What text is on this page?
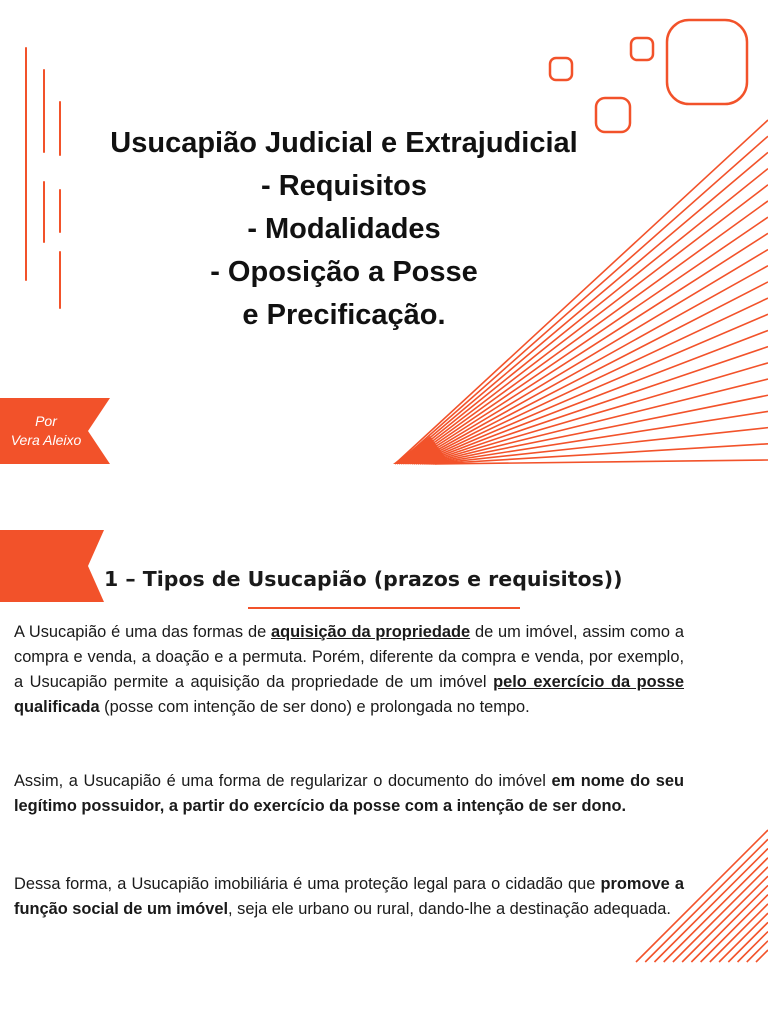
Usucapião Judicial e Extrajudicial
- Requisitos
- Modalidades
- Oposição a Posse
e Precificação.
Por
Vera Aleixo
1 – Tipos de Usucapião (prazos e requisitos))

A Usucapião é uma das formas de aquisição da propriedade de um imóvel, assim como a compra e venda, a doação e a permuta. Porém, diferente da compra e venda, por exemplo, a Usucapião permite a aquisição da propriedade de um imóvel pelo exercício da posse qualificada (posse com intenção de ser dono) e prolongada no tempo.

Assim, a Usucapião é uma forma de regularizar o documento do imóvel em nome do seu legítimo possuidor, a partir do exercício da posse com a intenção de ser dono.

Dessa forma, a Usucapião imobiliária é uma proteção legal para o cidadão que promove a função social de um imóvel, seja ele urbano ou rural, dando-lhe a destinação adequada.
